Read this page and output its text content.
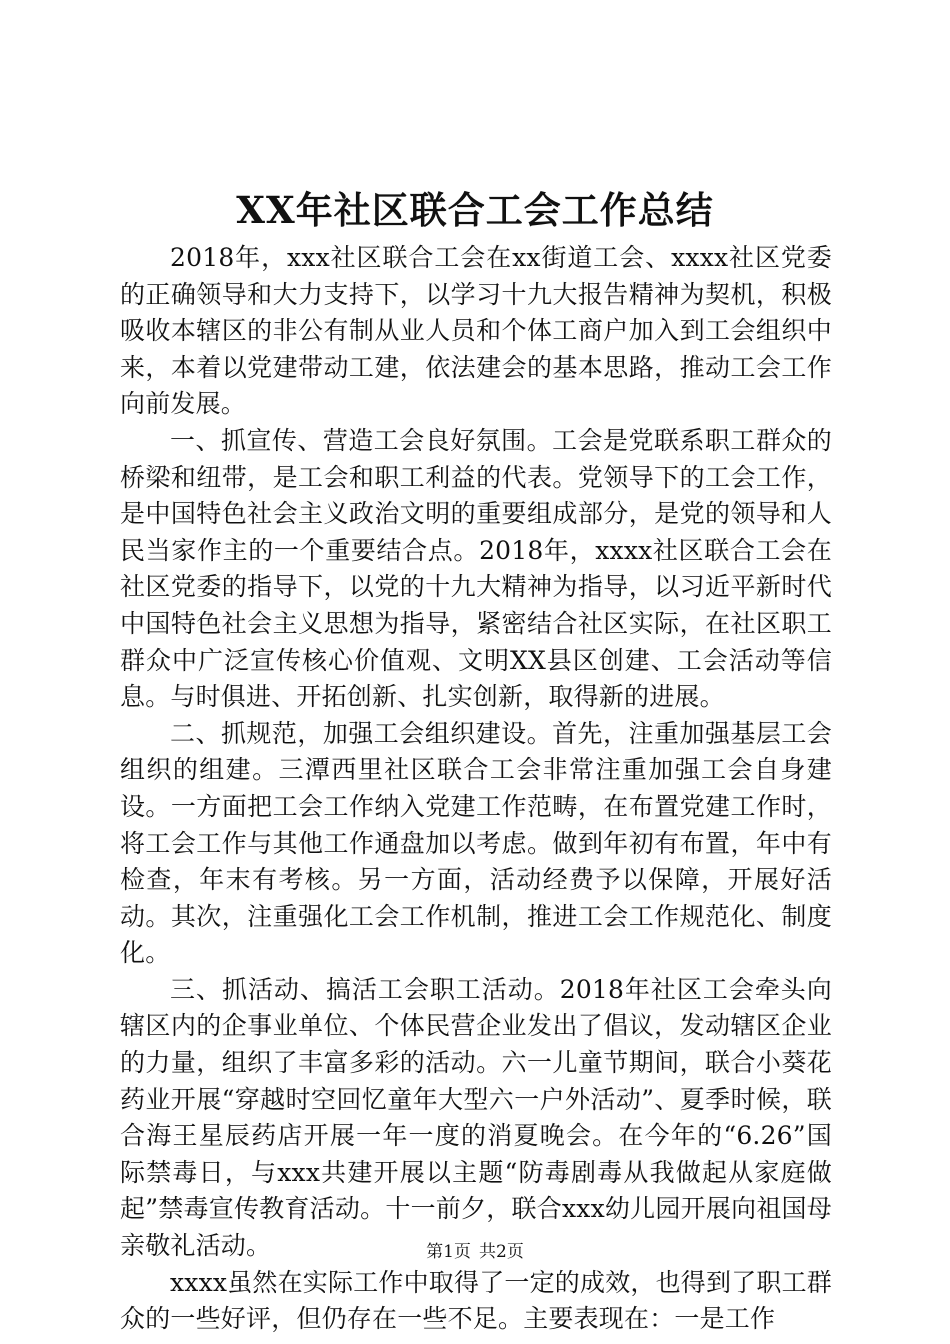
XX年社区联合工会工作总结

2018年，xxx社区联合工会在xx街道工会、xxxx社区党委的正确领导和大力支持下，以学习十九大报告精神为契机，积极吸收本辖区的非公有制从业人员和个体工商户加入到工会组织中来，本着以党建带动工建，依法建会的基本思路，推动工会工作向前发展。

一、抓宣传、营造工会良好氛围。工会是党联系职工群众的桥梁和纽带，是工会和职工利益的代表。党领导下的工会工作，是中国特色社会主义政治文明的重要组成部分，是党的领导和人民当家作主的一个重要结合点。2018年，xxxx社区联合工会在社区党委的指导下，以党的十九大精神为指导，以习近平新时代中国特色社会主义思想为指导，紧密结合社区实际，在社区职工群众中广泛宣传核心价值观、文明XX县区创建、工会活动等信息。与时俱进、开拓创新、扎实创新，取得新的进展。

二、抓规范，加强工会组织建设。首先，注重加强基层工会组织的组建。三潭西里社区联合工会非常注重加强工会自身建设。一方面把工会工作纳入党建工作范畴，在布置党建工作时，将工会工作与其他工作通盘加以考虑。做到年初有布置，年中有检查，年末有考核。另一方面，活动经费予以保障，开展好活动。其次，注重强化工会工作机制，推进工会工作规范化、制度化。

三、抓活动、搞活工会职工活动。2018年社区工会牵头向辖区内的企事业单位、个体民营企业发出了倡议，发动辖区企业的力量，组织了丰富多彩的活动。六一儿童节期间，联合小葵花药业开展“穿越时空回忆童年大型六一户外活动”、夏季时候，联合海王星辰药店开展一年一度的消夏晚会。在今年的“6.26”国际禁毒日，与xxx共建开展以主题“防毒剧毒从我做起从家庭做起”禁毒宣传教育活动。十一前夕，联合xxx幼儿园开展向祖国母亲敬礼活动。

xxxx虽然在实际工作中取得了一定的成效，也得到了职工群众的一些好评，但仍存在一些不足。主要表现在：一是工作

第1页 共2页
